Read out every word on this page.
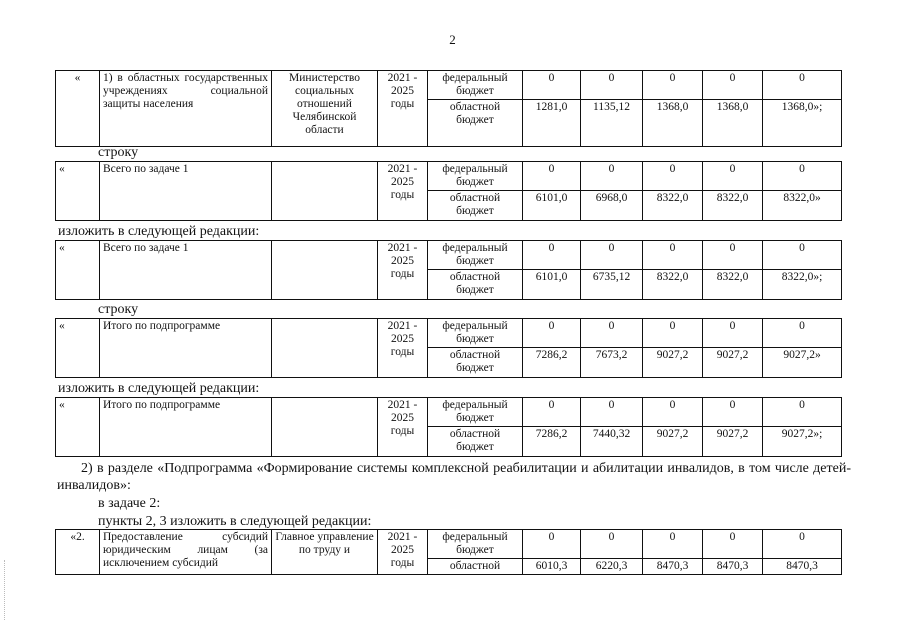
2
«	1) в областных государственных учреждениях социальной защиты населения	Министерство социальных отношений Челябинской области	2021 - 2025 годы	федеральный бюджет	0	0	0	0	0
				областной бюджет	1281,0	1135,12	1368,0	1368,0	1368,0»;
строку
«	Всего по задаче 1		2021 - 2025 годы	федеральный бюджет	0	0	0	0	0
				областной бюджет	6101,0	6968,0	8322,0	8322,0	8322,0»
изложить в следующей редакции:
«	Всего по задаче 1		2021 - 2025 годы	федеральный бюджет	0	0	0	0	0
				областной бюджет	6101,0	6735,12	8322,0	8322,0	8322,0»;
строку
«	Итого по подпрограмме		2021 - 2025 годы	федеральный бюджет	0	0	0	0	0
				областной бюджет	7286,2	7673,2	9027,2	9027,2	9027,2»
изложить в следующей редакции:
«	Итого по подпрограмме		2021 - 2025 годы	федеральный бюджет	0	0	0	0	0
				областной бюджет	7286,2	7440,32	9027,2	9027,2	9027,2»;
2) в разделе «Подпрограмма «Формирование системы комплексной реабилитации и абилитации инвалидов, в том числе детей-инвалидов»:
в задаче 2:
пункты 2, 3 изложить в следующей редакции:
«2.	Предоставление субсидий юридическим лицам (за исключением субсидий	Главное управление по труду и	2021 - 2025 годы	федеральный бюджет	0	0	0	0	0
				областной	6010,3	6220,3	8470,3	8470,3	8470,3
